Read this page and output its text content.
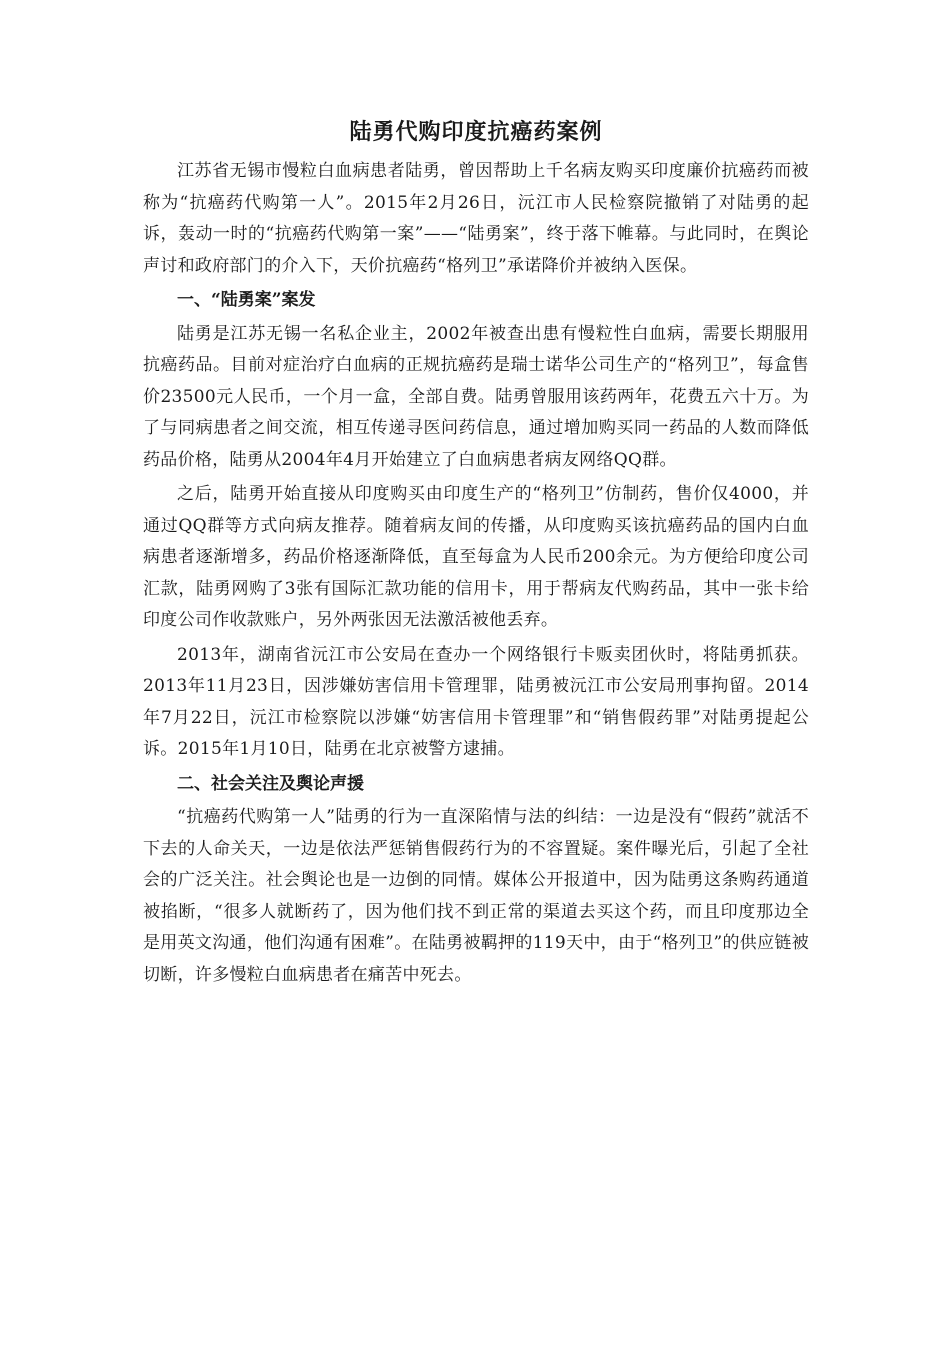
陆勇代购印度抗癌药案例

江苏省无锡市慢粒白血病患者陆勇，曾因帮助上千名病友购买印度廉价抗癌药而被称为“抗癌药代购第一人”。2015年2月26日，沅江市人民检察院撤销了对陆勇的起诉，轰动一时的“抗癌药代购第一案”——“陆勇案”，终于落下帷幕。与此同时，在舆论声讨和政府部门的介入下，天价抗癌药“格列卫”承诺降价并被纳入医保。

一、“陆勇案”案发

陆勇是江苏无锡一名私企业主，2002年被查出患有慢粒性白血病，需要长期服用抗癌药品。目前对症治疗白血病的正规抗癌药是瑞士诺华公司生产的“格列卫”，每盒售价23500元人民币，一个月一盒，全部自费。陆勇曾服用该药两年，花费五六十万。为了与同病患者之间交流，相互传递寻医问药信息，通过增加购买同一药品的人数而降低药品价格，陆勇从2004年4月开始建立了白血病患者病友网络QQ群。

之后，陆勇开始直接从印度购买由印度生产的“格列卫”仿制药，售价仅4000，并通过QQ群等方式向病友推荐。随着病友间的传播，从印度购买该抗癌药品的国内白血病患者逐渐增多，药品价格逐渐降低，直至每盒为人民币200余元。为方便给印度公司汇款，陆勇网购了3张有国际汇款功能的信用卡，用于帮病友代购药品，其中一张卡给印度公司作收款账户，另外两张因无法激活被他丢弃。

2013年，湖南省沅江市公安局在查办一个网络银行卡贩卖团伙时，将陆勇抓获。2013年11月23日，因涉嫌妨害信用卡管理罪，陆勇被沅江市公安局刑事拘留。2014年7月22日，沅江市检察院以涉嫌“妨害信用卡管理罪”和“销售假药罪”对陆勇提起公诉。2015年1月10日，陆勇在北京被警方逮捕。

二、社会关注及舆论声援

“抗癌药代购第一人”陆勇的行为一直深陷情与法的纠结：一边是没有“假药”就活不下去的人命关天，一边是依法严惩销售假药行为的不容置疑。案件曝光后，引起了全社会的广泛关注。社会舆论也是一边倒的同情。媒体公开报道中，因为陆勇这条购药通道被掐断，“很多人就断药了，因为他们找不到正常的渠道去买这个药，而且印度那边全是用英文沟通，他们沟通有困难”。在陆勇被羁押的119天中，由于“格列卫”的供应链被切断，许多慢粒白血病患者在痛苦中死去。
